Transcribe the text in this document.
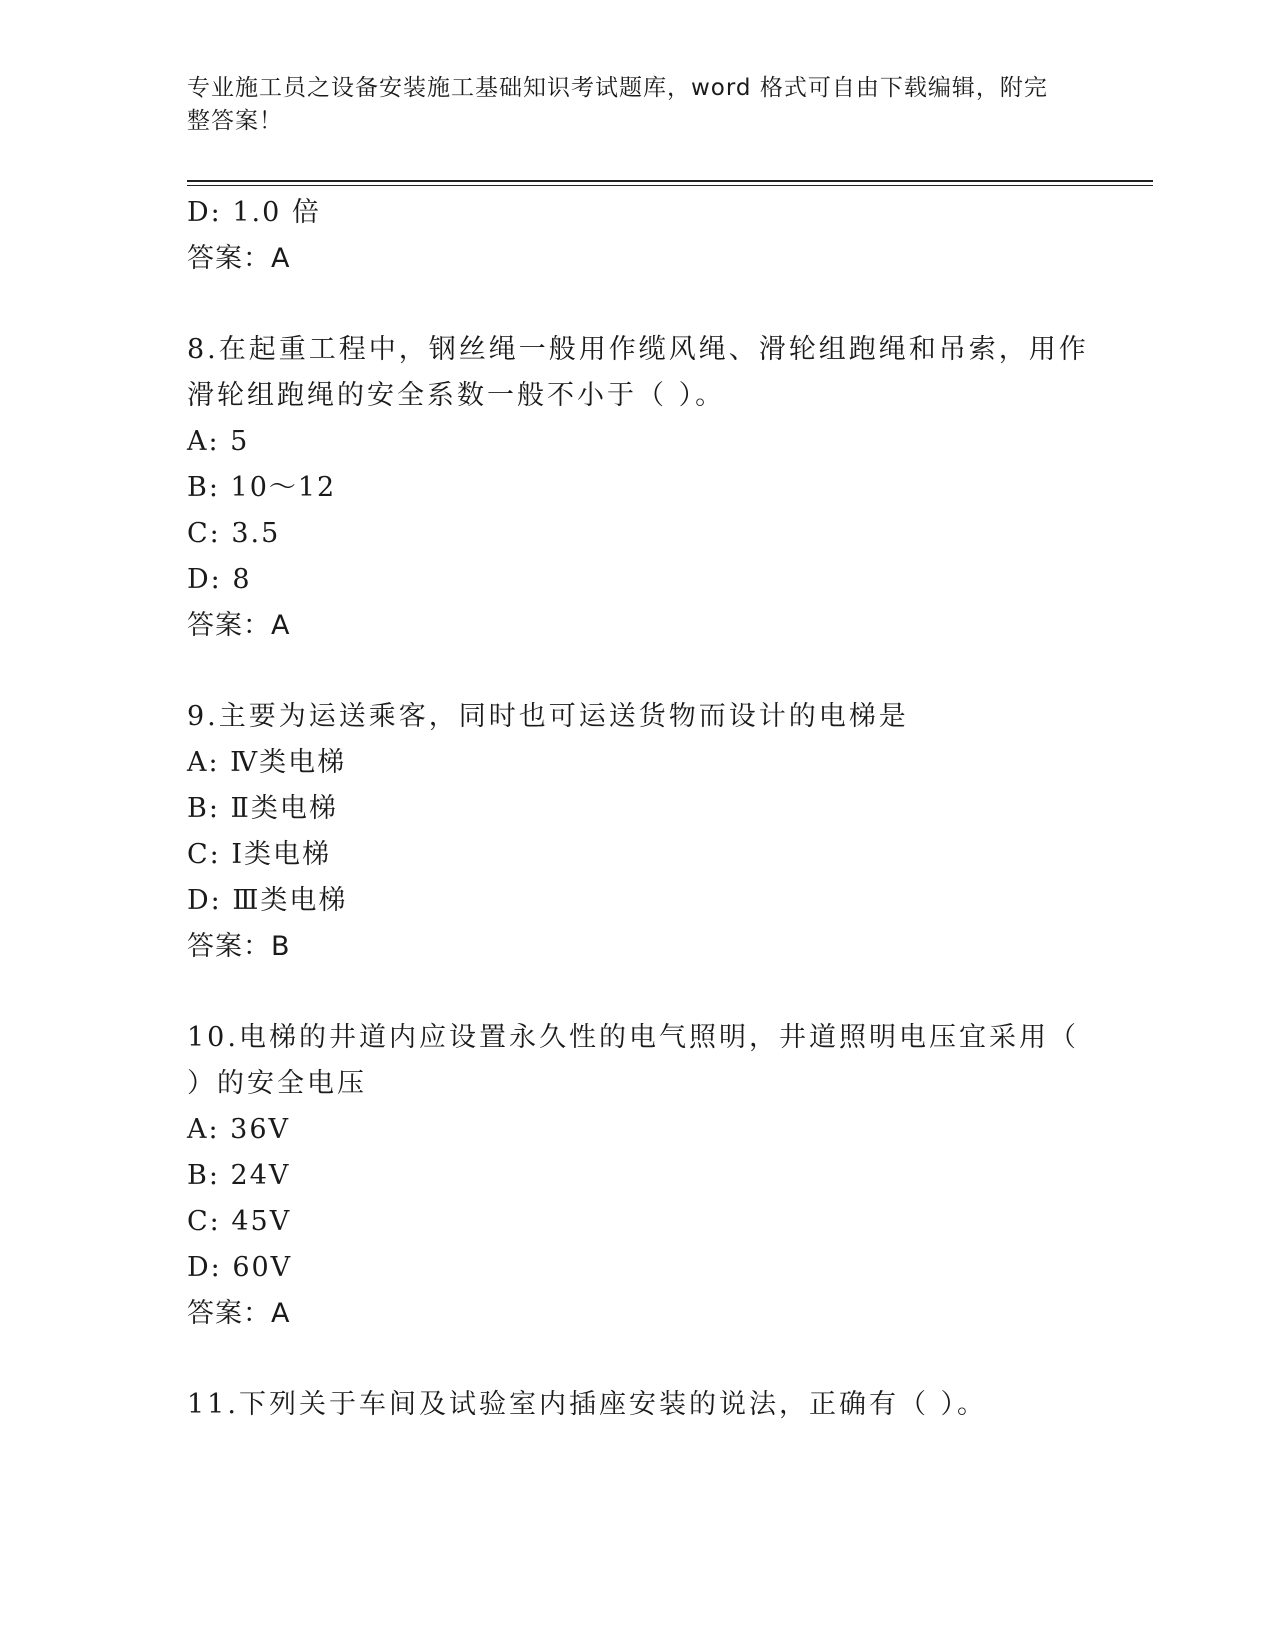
专业施工员之设备安装施工基础知识考试题库，word 格式可自由下载编辑，附完
整答案！
D: 1.0 倍
答案：A
8.在起重工程中，钢丝绳一般用作缆风绳、滑轮组跑绳和吊索，用作
滑轮组跑绳的安全系数一般不小于（ ）。
A: 5
B: 10～12
C: 3.5
D: 8
答案：A
9.主要为运送乘客，同时也可运送货物而设计的电梯是
A: Ⅳ类电梯
B: Ⅱ类电梯
C: Ⅰ类电梯
D: Ⅲ类电梯
答案：B
10.电梯的井道内应设置永久性的电气照明，井道照明电压宜采用（
）的安全电压
A: 36V
B: 24V
C: 45V
D: 60V
答案：A
11.下列关于车间及试验室内插座安装的说法，正确有（ ）。
